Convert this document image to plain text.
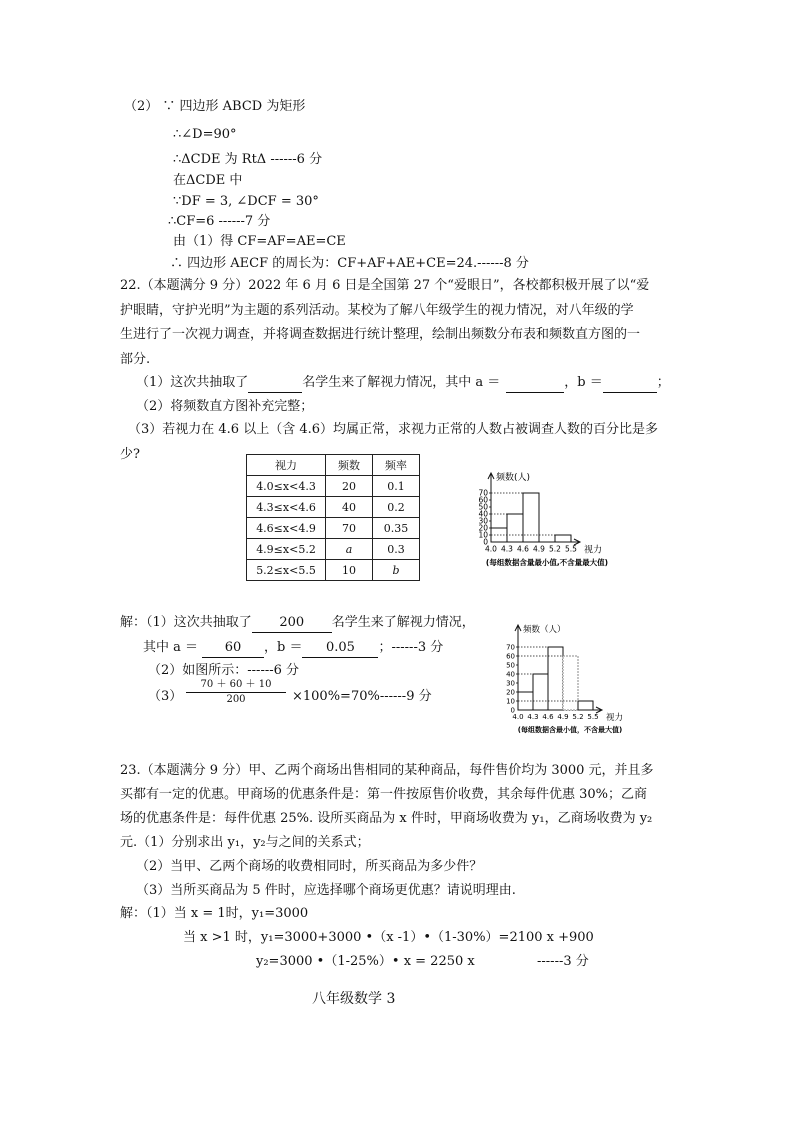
（2） ∵ 四边形 ABCD 为矩形
∴∠D=90°
∴ΔCDE 为 RtΔ ------6 分
在ΔCDE 中
∵DF = 3, ∠DCF = 30°
∴CF=6 ------7 分
由（1）得 CF=AF=AE=CE
∴ 四边形 AECF 的周长为：CF+AF+AE+CE=24.------8 分
22.（本题满分 9 分）2022 年 6 月 6 日是全国第 27 个“爱眼日”，各校都积极开展了以“爱
护眼睛，守护光明”为主题的系列活动。某校为了解八年级学生的视力情况，对八年级的学
生进行了一次视力调查，并将调查数据进行统计整理，绘制出频数分布表和频数直方图的一
部分.
（1）这次共抽取了	名学生来了解视力情况，其中 a ＝	，b ＝	；
（2）将频数直方图补充完整；
（3）若视力在 4.6 以上（含 4.6）均属正常，求视力正常的人数占被调查人数的百分比是多
少?
视力	频数	频率
4.0≤x<4.3	20	0.1
4.3≤x<4.6	40	0.2
4.6≤x<4.9	70	0.35
4.9≤x<5.2	a	0.3
5.2≤x<5.5	10	b
0
10
20
30
40
50
60
70
4.0 4.3 4.6 4.9 5.2 5.5 视力
频数(人)
(每组数据含量最小值,不含量最大值)
解：（1）这次共抽取了 200 名学生来了解视力情况，
其中 a ＝ 60 ，b ＝ 0.05 ；------3 分
（2）如图所示：------6 分
$(3) \frac{70 + 60 + 10}{200} \times 100\%=70\%------9$ 分
0
10
20
30
40
50
60
70
4.0 4.3 4.6 4.9 5.2 5.5 视力
频数（人）
(每组数据含最小值，不含最大值)
23.（本题满分 9 分）甲、乙两个商场出售相同的某种商品，每件售价均为 3000 元，并且多
买都有一定的优惠。甲商场的优惠条件是：第一件按原售价收费，其余每件优惠 30%；乙商
场的优惠条件是：每件优惠 25%. 设所买商品为 x 件时，甲商场收费为 y₁，乙商场收费为 y₂
元.（1）分别求出 y₁，y₂与之间的关系式；
（2）当甲、乙两个商场的收费相同时，所买商品为多少件？
（3）当所买商品为 5 件时，应选择哪个商场更优惠？请说明理由.
解：（1）当 x = 1时，y₁=3000
当 x >1 时，y₁=3000+3000 •（x -1）•（1-30%）=2100 x +900
y₂=3000 •（1-25%）• x = 2250 x	------3 分
八年级数学 3
